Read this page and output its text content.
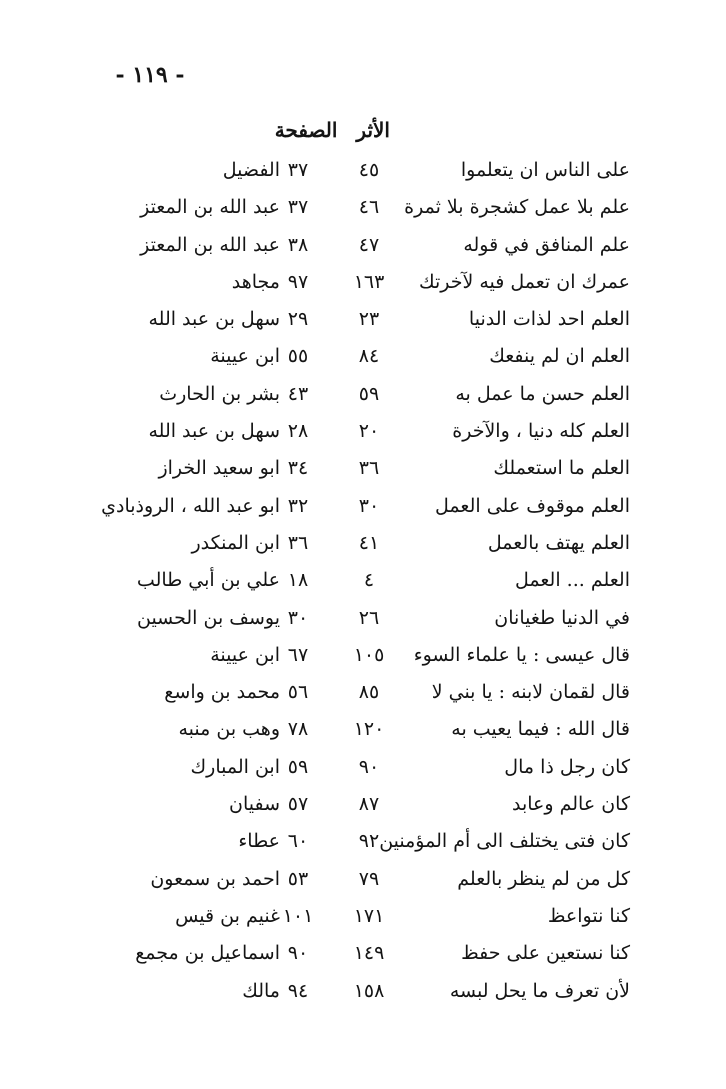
- ١١٩ -
الأثر الصفحة
على الناس ان يتعلموا
٤٥
٣٧
الفضيل
علم بلا عمل كشجرة بلا ثمرة
٤٦
٣٧
عبد الله بن المعتز
علم المنافق في قوله
٤٧
٣٨
عبد الله بن المعتز
عمرك ان تعمل فيه لآخرتك
١٦٣
٩٧
مجاهد
العلم احد لذات الدنيا
٢٣
٢٩
سهل بن عبد الله
العلم ان لم ينفعك
٨٤
٥٥
ابن عيينة
العلم حسن ما عمل به
٥٩
٤٣
بشر بن الحارث
العلم كله دنيا ، والآخرة
٢٠
٢٨
سهل بن عبد الله
العلم ما استعملك
٣٦
٣٤
ابو سعيد الخراز
العلم موقوف على العمل
٣٠
٣٢
ابو عبد الله ، الروذبادي
العلم يهتف بالعمل
٤١
٣٦
ابن المنكدر
العلم ... العمل
٤
١٨
علي بن أبي طالب
في الدنيا طغيانان
٢٦
٣٠
يوسف بن الحسين
قال عيسى : يا علماء السوء
١٠٥
٦٧
ابن عيينة
قال لقمان لابنه : يا بني لا
٨٥
٥٦
محمد بن واسع
قال الله : فيما يعيب به
١٢٠
٧٨
وهب بن منبه
كان رجل ذا مال
٩٠
٥٩
ابن المبارك
كان عالم وعابد
٨٧
٥٧
سفيان
كان فتى يختلف الى أم المؤمنين
٩٢
٦٠
عطاء
كل من لم ينظر بالعلم
٧٩
٥٣
احمد بن سمعون
كنا نتواعظ
١٧١
١٠١
غنيم بن قيس
كنا نستعين على حفظ
١٤٩
٩٠
اسماعيل بن مجمع
لأن تعرف ما يحل لبسه
١٥٨
٩٤
مالك
